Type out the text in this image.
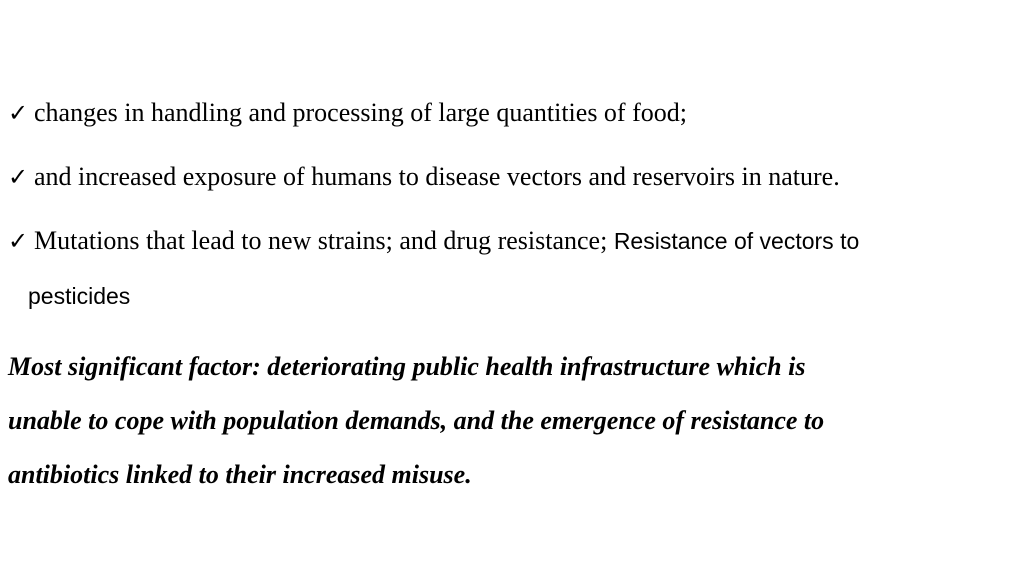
✓ changes in handling and processing of large quantities of food;
✓ and increased exposure of humans to disease vectors and reservoirs in nature.
✓ Mutations that lead to new strains; and drug resistance; Resistance of vectors to
pesticides

Most significant factor: deteriorating public health infrastructure which is
unable to cope with population demands, and the emergence of resistance to
antibiotics linked to their increased misuse.
